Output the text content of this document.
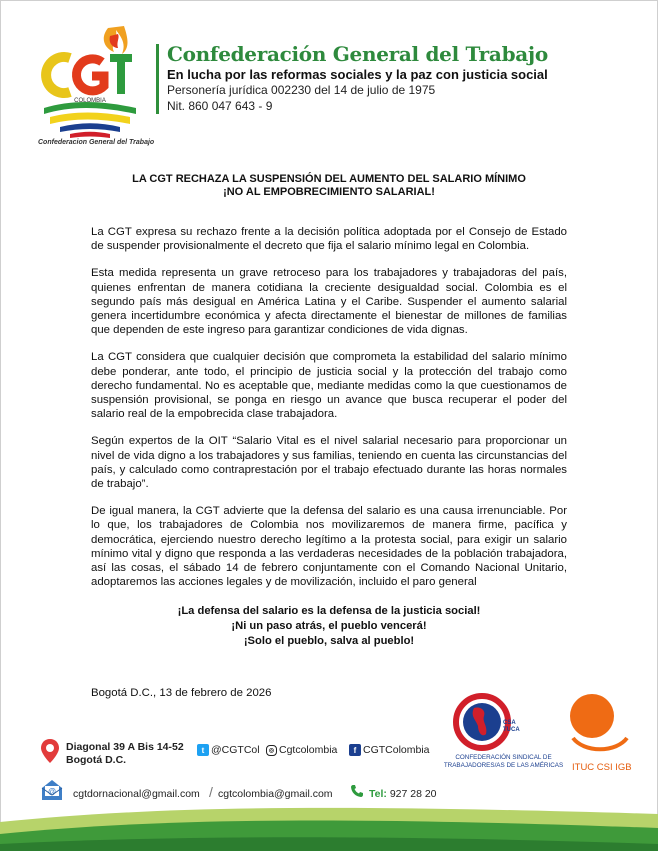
COLOMBIA
Confederacion General del Trabajo
Confederación General del Trabajo
En lucha por las reformas sociales y la paz con justicia social
Personería jurídica 002230 del 14 de julio de 1975
Nit. 860 047 643 - 9
LA CGT RECHAZA LA SUSPENSIÓN DEL AUMENTO DEL SALARIO MÍNIMO
¡NO AL EMPOBRECIMIENTO SALARIAL!

La CGT expresa su rechazo frente a la decisión política adoptada por el Consejo de Estado de suspender provisionalmente el decreto que fija el salario mínimo legal en Colombia.

Esta medida representa un grave retroceso para los trabajadores y trabajadoras del país, quienes enfrentan de manera cotidiana la creciente desigualdad social. Colombia es el segundo país más desigual en América Latina y el Caribe. Suspender el aumento salarial genera incertidumbre económica y afecta directamente el bienestar de millones de familias que dependen de este ingreso para garantizar condiciones de vida dignas.

La CGT considera que cualquier decisión que comprometa la estabilidad del salario mínimo debe ponderar, ante todo, el principio de justicia social y la protección del trabajo como derecho fundamental. No es aceptable que, mediante medidas como la que cuestionamos de suspensión provisional, se ponga en riesgo un avance que busca recuperar el poder del salario real de la empobrecida clase trabajadora.

Según expertos de la OIT “Salario Vital es el nivel salarial necesario para proporcionar un nivel de vida digno a los trabajadores y sus familias, teniendo en cuenta las circunstancias del país, y calculado como contraprestación por el trabajo efectuado durante las horas normales de trabajo”.

De igual manera, la CGT advierte que la defensa del salario es una causa irrenunciable. Por lo que, los trabajadores de Colombia nos movilizaremos de manera firme, pacífica y democrática, ejerciendo nuestro derecho legítimo a la protesta social, para exigir un salario mínimo vital y digno que responda a las verdaderas necesidades de la población trabajadora, así las cosas, el sábado 14 de febrero conjuntamente con el Comando Nacional Unitario, adoptaremos las acciones legales y de movilización, incluido el paro general

¡La defensa del salario es la defensa de la justicia social!
¡Ni un paso atrás, el pueblo vencerá!
¡Solo el pueblo, salva al pueblo!
Bogotá D.C., 13 de febrero de 2026
CSA
TUCA
CONFEDERACIÓN SINDICAL DE TRABAJADORES/AS DE LAS AMÉRICAS ITUC CSI IGB
Diagonal 39 A Bis 14-52
Bogotá D.C.
t @CGTCol	◎ Cgtcolombia	f CGTColombia
@ cgtdornacional@gmail.com / cgtcolombia@gmail.com	Tel: 927 28 20
